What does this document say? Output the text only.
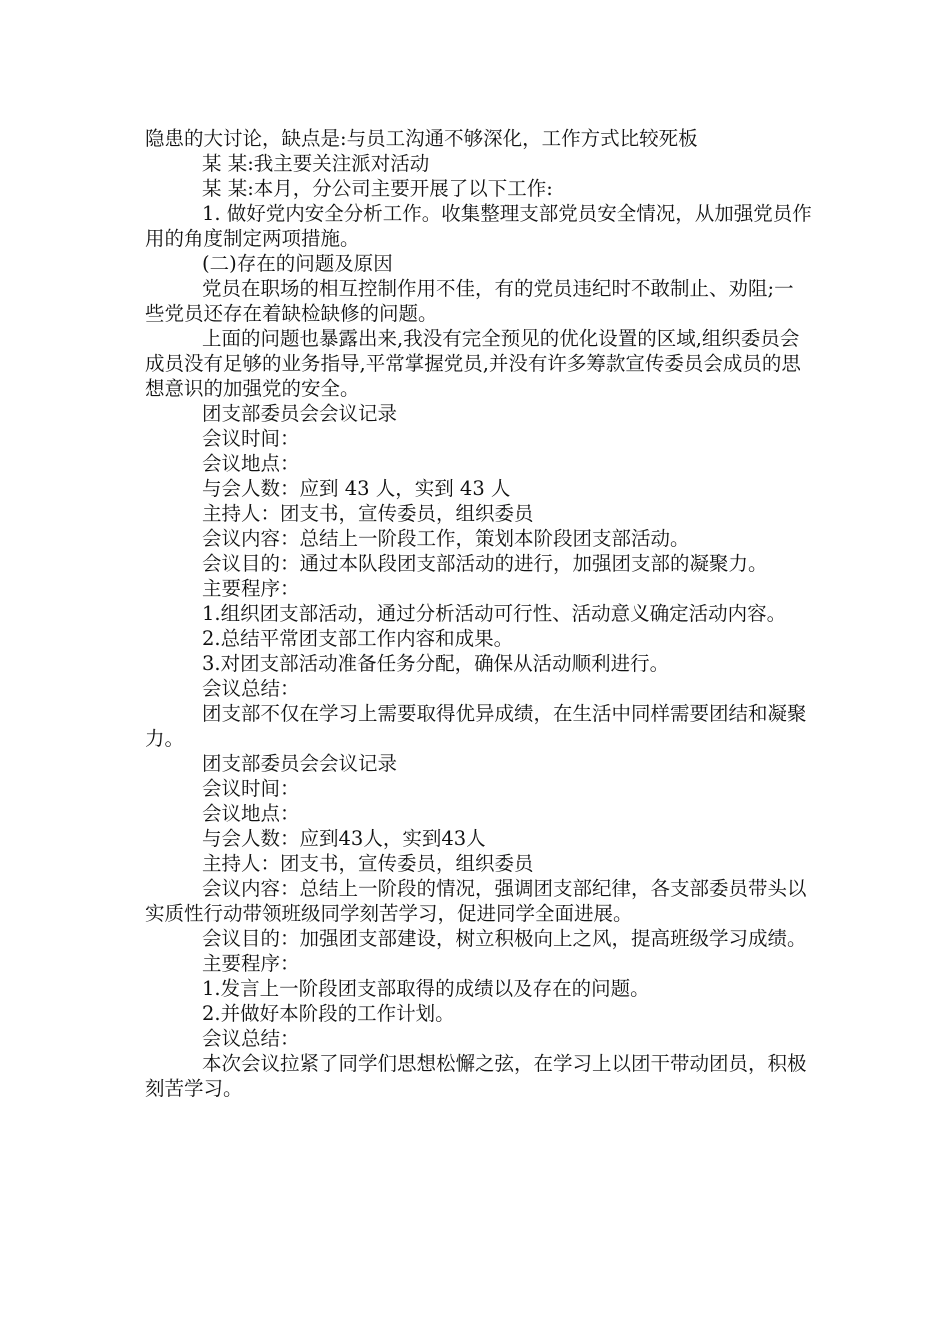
隐患的大讨论，缺点是:与员工沟通不够深化，工作方式比较死板

某 某:我主要关注派对活动

某 某:本月，分公司主要开展了以下工作:

1. 做好党内安全分析工作。收集整理支部党员安全情况，从加强党员作用的角度制定两项措施。

(二)存在的问题及原因

党员在职场的相互控制作用不佳，有的党员违纪时不敢制止、劝阻;一些党员还存在着缺检缺修的问题。

上面的问题也暴露出来,我没有完全预见的优化设置的区域,组织委员会成员没有足够的业务指导,平常掌握党员,并没有许多筹款宣传委员会成员的思想意识的加强党的安全。

团支部委员会会议记录

会议时间：

会议地点：

与会人数：应到 43 人，实到 43 人

主持人：团支书，宣传委员，组织委员

会议内容：总结上一阶段工作，策划本阶段团支部活动。

会议目的：通过本队段团支部活动的进行，加强团支部的凝聚力。

主要程序：

1.组织团支部活动，通过分析活动可行性、活动意义确定活动内容。

2.总结平常团支部工作内容和成果。

3.对团支部活动准备任务分配，确保从活动顺利进行。

会议总结：

团支部不仅在学习上需要取得优异成绩，在生活中同样需要团结和凝聚力。

团支部委员会会议记录

会议时间：

会议地点：

与会人数：应到43人，实到43人

主持人：团支书，宣传委员，组织委员

会议内容：总结上一阶段的情况，强调团支部纪律，各支部委员带头以实质性行动带领班级同学刻苦学习，促进同学全面进展。

会议目的：加强团支部建设，树立积极向上之风，提高班级学习成绩。

主要程序：

1.发言上一阶段团支部取得的成绩以及存在的问题。

2.并做好本阶段的工作计划。

会议总结：

本次会议拉紧了同学们思想松懈之弦，在学习上以团干带动团员，积极刻苦学习。
